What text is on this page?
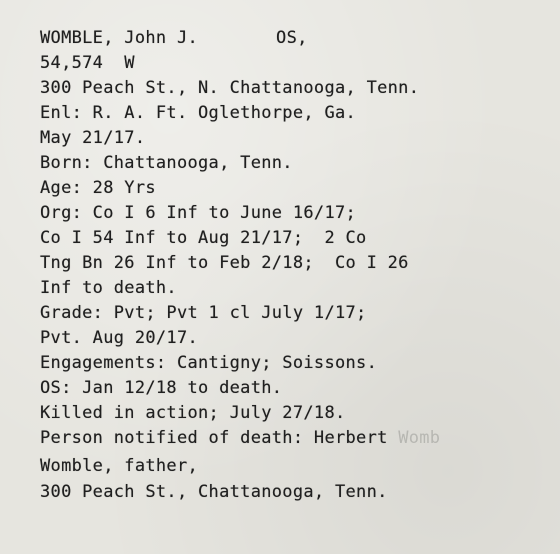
WOMBLE, John J.	OS,
54,574  W
300 Peach St., N. Chattanooga, Tenn.
Enl: R. A. Ft. Oglethorpe, Ga.
May 21/17.
Born: Chattanooga, Tenn.
Age: 28 Yrs
Org: Co I 6 Inf to June 16/17;
Co I 54 Inf to Aug 21/17;  2 Co
Tng Bn 26 Inf to Feb 2/18;  Co I 26
Inf to death.
Grade: Pvt; Pvt 1 cl July 1/17;
Pvt. Aug 20/17.
Engagements: Cantigny; Soissons.
OS: Jan 12/18 to death.
Killed in action; July 27/18.
Person notified of death: Herbert Womb
Womble, father,
300 Peach St., Chattanooga, Tenn.
